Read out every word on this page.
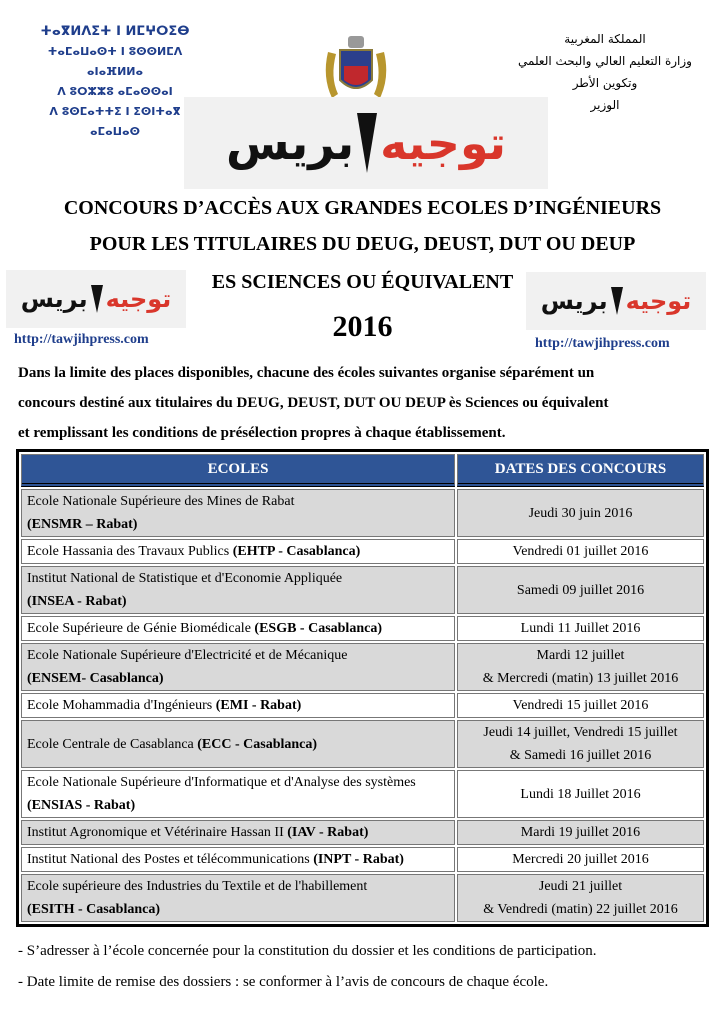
ⵜⴰⴳⵍⴷⵉⵜ ⵏ ⵍⵎⵖⵔⵉⴱ
ⵜⴰⵎⴰⵡⴰⵙⵜ ⵏ ⵓⵙⵙⵍⵎⴷ ⴰⵏⴰⴼⵍⵍⴰ
ⴷ ⵓⵔⵣⵣⵓ ⴰⵎⴰⵙⵙⴰⵏ
ⴷ ⵓⵙⵎⴰⵜⵜⵉ ⵏ ⵉⵙⵏⵜⴰⴳ
ⴰⵎⴰⵡⴰⵙ
المملكة المغربية
وزارة التعليم العالي والبحث العلمي
وتكوين الأطر
الوزير
توجيه
بريس
CONCOURS D’ACCÈS AUX GRANDES ECOLES D’INGÉNIEURS
POUR LES TITULAIRES DU DEUG, DEUST, DUT OU DEUP
ES SCIENCES OU ÉQUIVALENT
2016
توجيه
بريس
http://tawjihpress.com
توجيه
بريس
http://tawjihpress.com
Dans la limite des places disponibles, chacune des écoles suivantes organise séparément un
concours destiné aux titulaires du DEUG, DEUST, DUT OU DEUP ès Sciences ou équivalent
et remplissant les conditions de présélection propres à chaque établissement.
ECOLES	DATES DES CONCOURS
Ecole Nationale Supérieure des Mines de Rabat
(ENSMR – Rabat)	Jeudi 30 juin 2016
Ecole Hassania des Travaux Publics (EHTP - Casablanca)	Vendredi 01 juillet 2016
Institut National de Statistique et d'Economie Appliquée
(INSEA - Rabat)	Samedi 09 juillet 2016
Ecole Supérieure de Génie Biomédicale (ESGB - Casablanca)	Lundi 11 Juillet 2016
Ecole Nationale Supérieure d'Electricité et de Mécanique
(ENSEM- Casablanca)	Mardi 12 juillet
& Mercredi (matin) 13 juillet 2016
Ecole Mohammadia d'Ingénieurs (EMI - Rabat)	Vendredi 15 juillet 2016
Ecole Centrale de Casablanca (ECC - Casablanca)	Jeudi 14 juillet, Vendredi 15 juillet
& Samedi 16 juillet 2016
Ecole Nationale Supérieure d'Informatique et d'Analyse des systèmes (ENSIAS - Rabat)	Lundi 18 Juillet 2016
Institut Agronomique et Vétérinaire Hassan II (IAV - Rabat)	Mardi 19 juillet 2016
Institut National des Postes et télécommunications (INPT - Rabat)	Mercredi 20 juillet 2016
Ecole supérieure des Industries du Textile et de l'habillement
(ESITH - Casablanca)	Jeudi 21 juillet
& Vendredi (matin) 22 juillet 2016
- S’adresser à l’école concernée pour la constitution du dossier et les conditions de participation.
- Date limite de remise des dossiers : se conformer à l’avis de concours de chaque école.
